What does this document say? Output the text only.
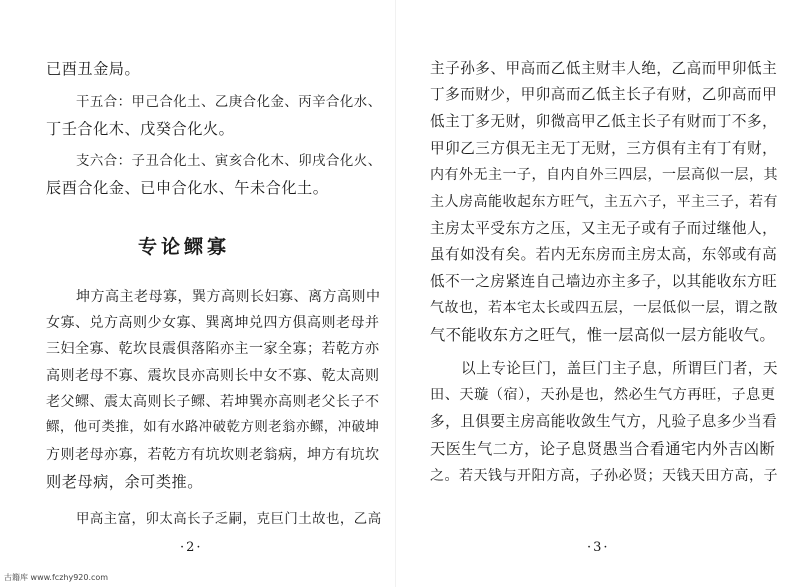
已酉丑金局。
干五合：甲己合化土、乙庚合化金、丙辛合化水、
丁壬合化木、戊癸合化火。
支六合：子丑合化土、寅亥合化木、卯戌合化火、
辰酉合化金、已申合化水、午未合化土。
专论鳏寡
坤方高主老母寡，巽方高则长妇寡、离方高则中
女寡、兑方高则少女寡、巽离坤兑四方俱高则老母并
三妇全寡、乾坎艮震俱落陷亦主一家全寡；若乾方亦
高则老母不寡、震坎艮亦高则长中女不寡、乾太高则
老父鳏、震太高则长子鳏、若坤巽亦高则老父长子不
鳏，他可类推，如有水路冲破乾方则老翁亦鳏，冲破坤
方则老母亦寡，若乾方有坑坎则老翁病，坤方有坑坎
则老母病，余可类推。
甲高主富，卯太高长子乏嗣，克巨门土故也，乙高
·2·
主子孙多、甲高而乙低主财丰人绝，乙高而甲卯低主
丁多而财少，甲卯高而乙低主长子有财，乙卯高而甲
低主丁多无财，卯微高甲乙低主长子有财而丁不多，
甲卯乙三方俱无主无丁无财，三方俱有主有丁有财，
内有外无主一子，自内自外三四层，一层高似一层，其
主人房高能收起东方旺气，主五六子，平主三子，若有
主房太平受东方之压，又主无子或有子而过继他人，
虽有如没有矣。若内无东房而主房太高，东邻或有高
低不一之房紧连自己墙边亦主多子，以其能收东方旺
气故也，若本宅太长或四五层，一层低似一层，谓之散
气不能收东方之旺气，惟一层高似一层方能收气。
以上专论巨门，盖巨门主子息，所谓巨门者，天
田、天璇（宿），天孙是也，然必生气方再旺，子息更
多，且俱要主房高能收敛生气方，凡验子息多少当看
天医生气二方，论子息贤愚当合看通宅内外吉凶断
之。若天钱与开阳方高，子孙必贤；天钱天田方高，子
·3·
古籍库 www.fczhy920.com
